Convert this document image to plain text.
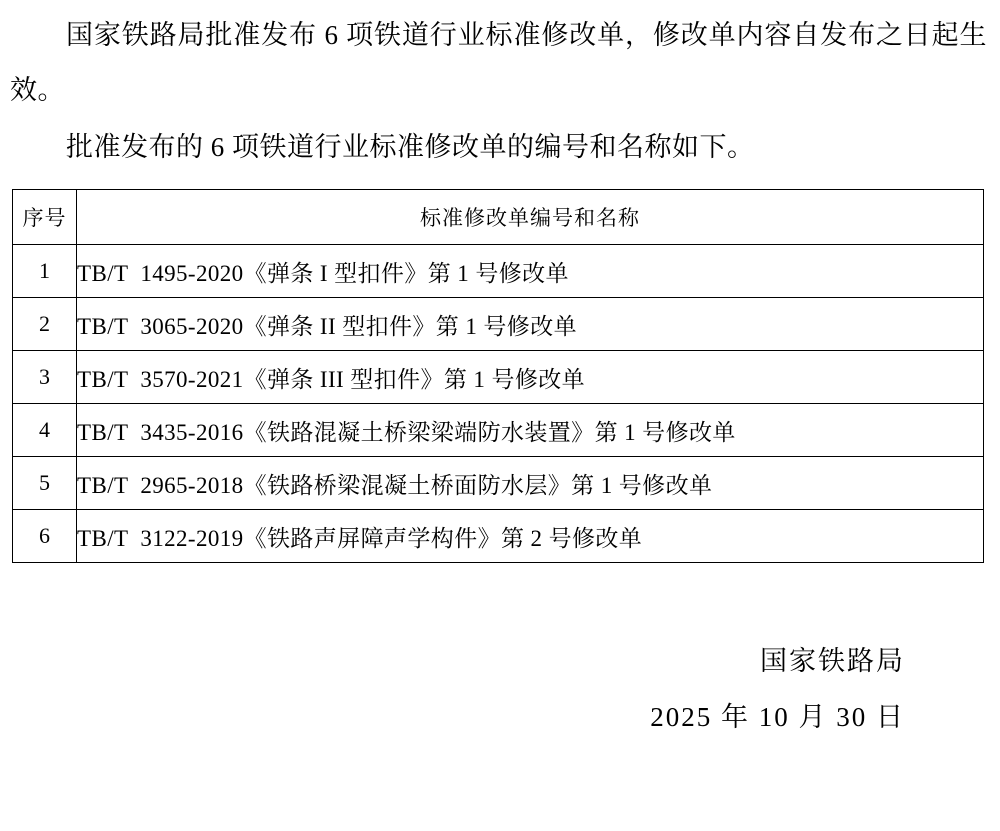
国家铁路局批准发布 6 项铁道行业标准修改单，修改单内容自发布之日起生效。

批准发布的 6 项铁道行业标准修改单的编号和名称如下。

序号	标准修改单编号和名称
1	TB/T  1495-2020《弹条 I 型扣件》第 1 号修改单
2	TB/T  3065-2020《弹条 II 型扣件》第 1 号修改单
3	TB/T  3570-2021《弹条 III 型扣件》第 1 号修改单
4	TB/T  3435-2016《铁路混凝土桥梁梁端防水装置》第 1 号修改单
5	TB/T  2965-2018《铁路桥梁混凝土桥面防水层》第 1 号修改单
6	TB/T  3122-2019《铁路声屏障声学构件》第 2 号修改单
国家铁路局
2025 年 10 月 30 日
